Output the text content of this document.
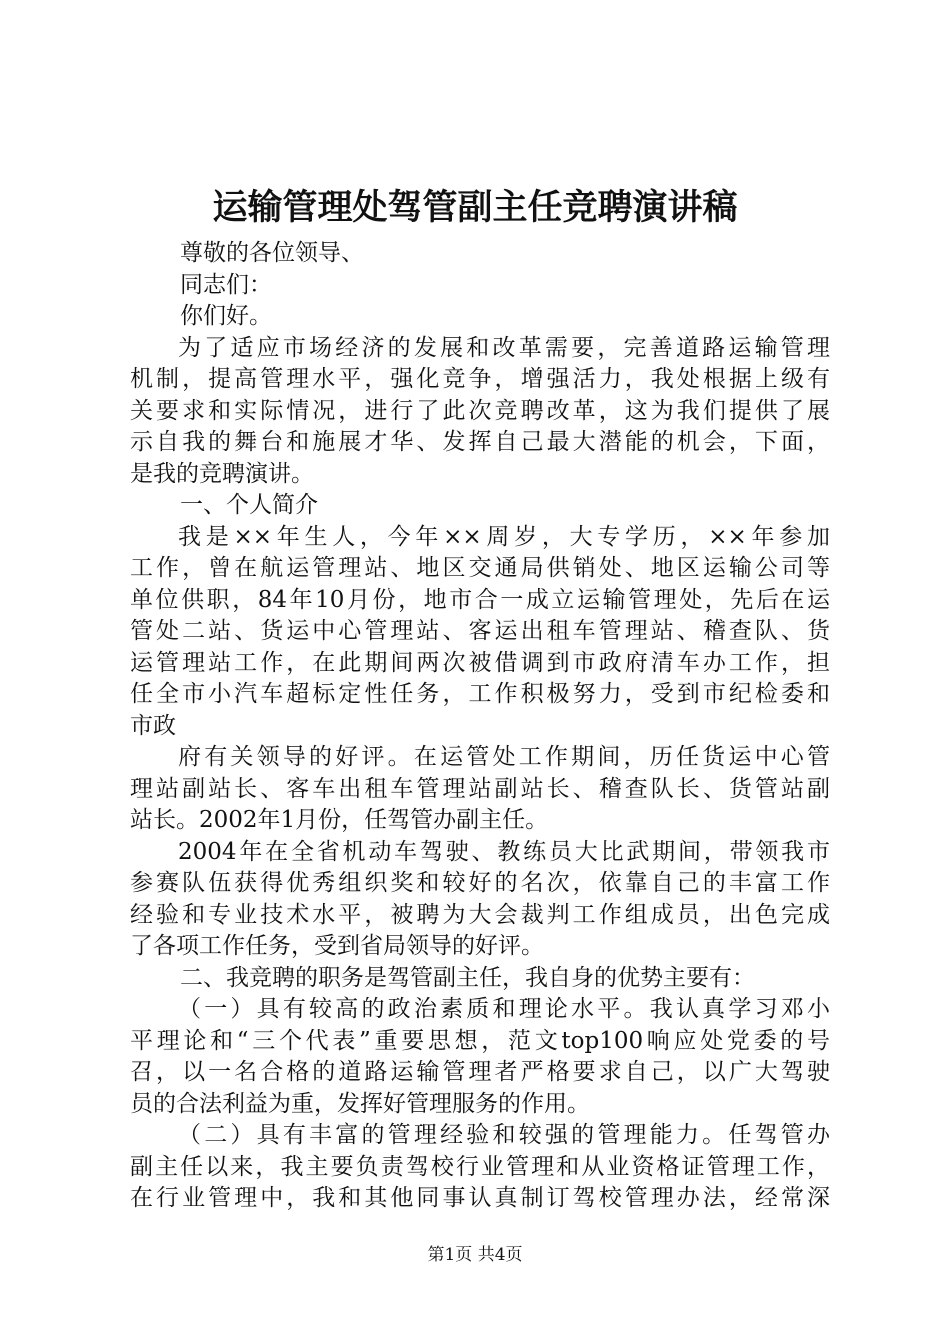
运输管理处驾管副主任竞聘演讲稿
尊敬的各位领导、
同志们：
你们好。
为了适应市场经济的发展和改革需要，完善道路运输管理
机制，提高管理水平，强化竞争，增强活力，我处根据上级有
关要求和实际情况，进行了此次竞聘改革，这为我们提供了展
示自我的舞台和施展才华、发挥自己最大潜能的机会，下面，
是我的竞聘演讲。
一、个人简介
我是××年生人，今年××周岁，大专学历，××年参加
工作，曾在航运管理站、地区交通局供销处、地区运输公司等
单位供职，84年10月份，地市合一成立运输管理处，先后在运
管处二站、货运中心管理站、客运出租车管理站、稽查队、货
运管理站工作，在此期间两次被借调到市政府清车办工作，担
任全市小汽车超标定性任务，工作积极努力，受到市纪检委和
市政
府有关领导的好评。在运管处工作期间，历任货运中心管
理站副站长、客车出租车管理站副站长、稽查队长、货管站副
站长。2002年1月份，任驾管办副主任。
2004年在全省机动车驾驶、教练员大比武期间，带领我市
参赛队伍获得优秀组织奖和较好的名次，依靠自己的丰富工作
经验和专业技术水平，被聘为大会裁判工作组成员，出色完成
了各项工作任务，受到省局领导的好评。
二、我竞聘的职务是驾管副主任，我自身的优势主要有：
（一）具有较高的政治素质和理论水平。我认真学习邓小
平理论和“三个代表”重要思想，范文top100响应处党委的号
召，以一名合格的道路运输管理者严格要求自己，以广大驾驶
员的合法利益为重，发挥好管理服务的作用。
（二）具有丰富的管理经验和较强的管理能力。任驾管办
副主任以来，我主要负责驾校行业管理和从业资格证管理工作，
在行业管理中，我和其他同事认真制订驾校管理办法，经常深
第1页 共4页
